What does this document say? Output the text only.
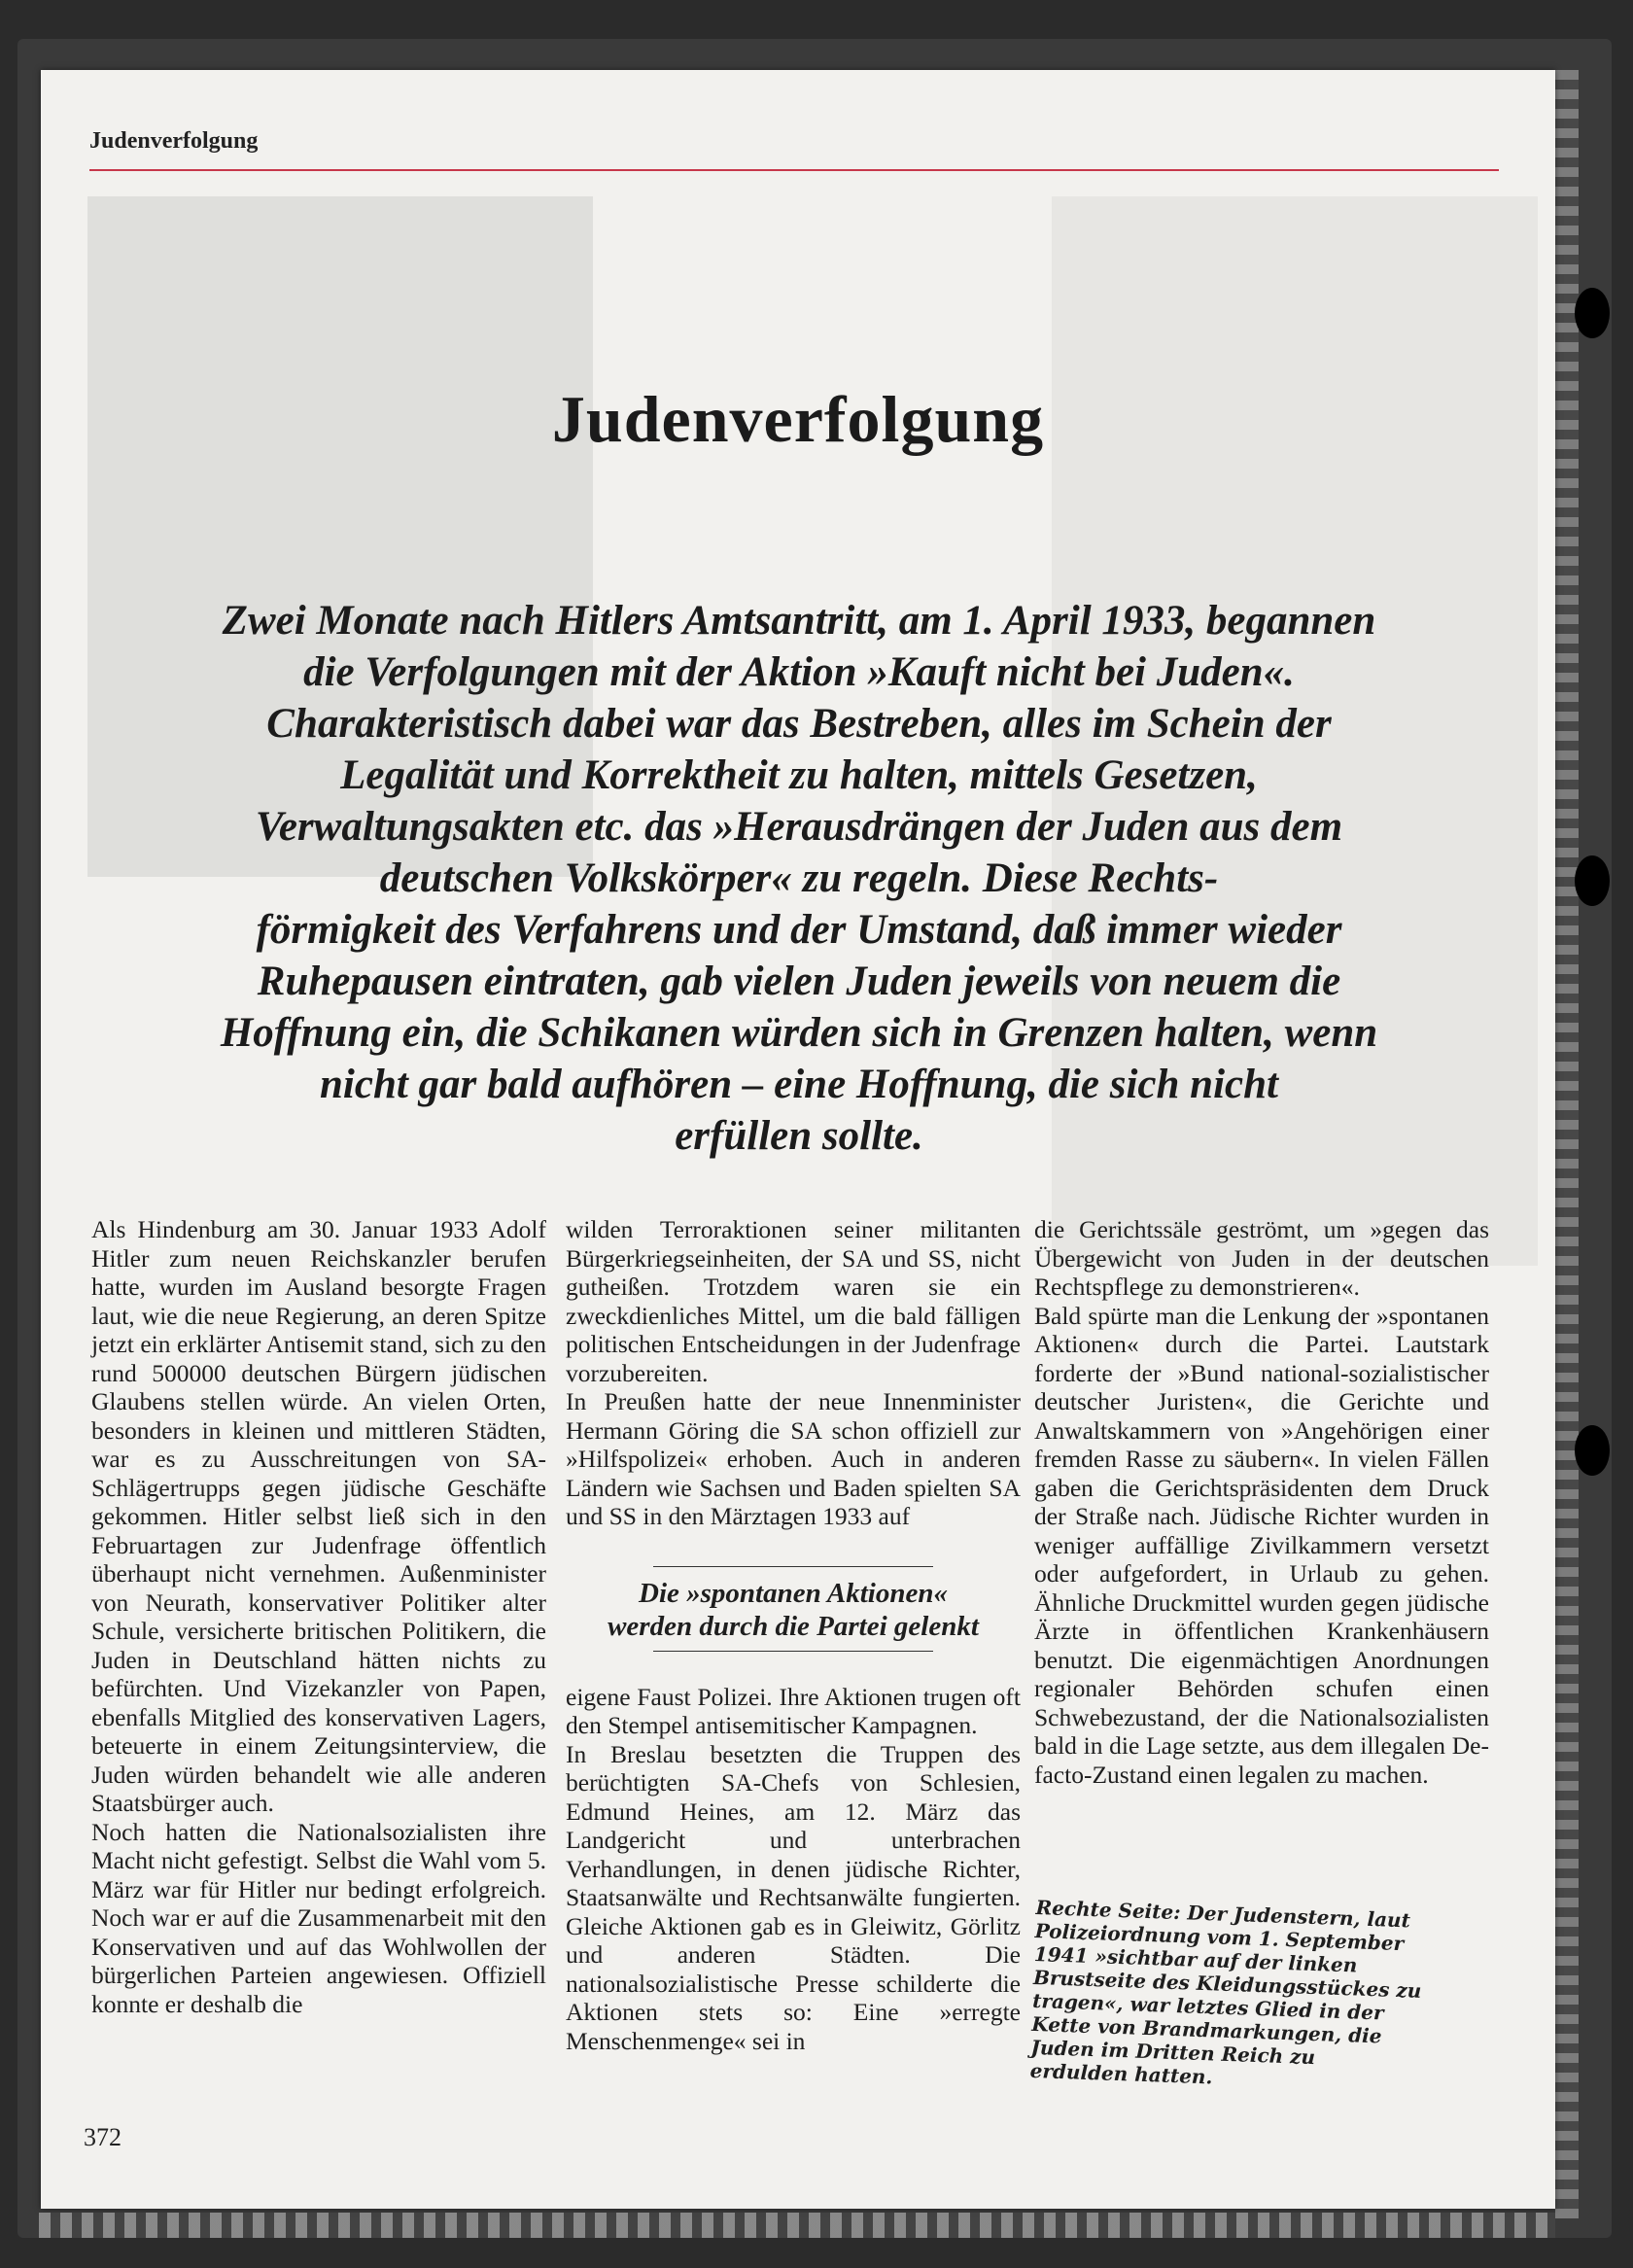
Judenverfolgung
Judenverfolgung
Zwei Monate nach Hitlers Amtsantritt, am 1. April 1933, begannen
die Verfolgungen mit der Aktion »Kauft nicht bei Juden«.
Charakteristisch dabei war das Bestreben, alles im Schein der
Legalität und Korrektheit zu halten, mittels Gesetzen,
Verwaltungsakten etc. das »Herausdrängen der Juden aus dem
deutschen Volkskörper« zu regeln. Diese Rechts-
förmigkeit des Verfahrens und der Umstand, daß immer wieder
Ruhepausen eintraten, gab vielen Juden jeweils von neuem die
Hoffnung ein, die Schikanen würden sich in Grenzen halten, wenn
nicht gar bald aufhören – eine Hoffnung, die sich nicht
erfüllen sollte.

Als Hindenburg am 30. Januar 1933 Adolf Hitler zum neuen Reichskanzler berufen hatte, wurden im Ausland besorgte Fragen laut, wie die neue Regierung, an deren Spitze jetzt ein erklärter Antisemit stand, sich zu den rund 500000 deutschen Bürgern jüdischen Glaubens stellen würde. An vielen Orten, besonders in kleinen und mittleren Städten, war es zu Ausschreitungen von SA-Schlägertrupps gegen jüdische Geschäfte gekommen. Hitler selbst ließ sich in den Februartagen zur Judenfrage öffentlich überhaupt nicht vernehmen. Außenminister von Neurath, konservativer Politiker alter Schule, versicherte britischen Politikern, die Juden in Deutschland hätten nichts zu befürchten. Und Vizekanzler von Papen, ebenfalls Mitglied des konservativen Lagers, beteuerte in einem Zeitungsinterview, die Juden würden behandelt wie alle anderen Staatsbürger auch.

Noch hatten die Nationalsozialisten ihre Macht nicht gefestigt. Selbst die Wahl vom 5. März war für Hitler nur bedingt erfolgreich. Noch war er auf die Zusammenarbeit mit den Konservativen und auf das Wohlwollen der bürgerlichen Parteien angewiesen. Offiziell konnte er deshalb die

wilden Terroraktionen seiner militanten Bürgerkriegseinheiten, der SA und SS, nicht gutheißen. Trotzdem waren sie ein zweckdienliches Mittel, um die bald fälligen politischen Entscheidungen in der Judenfrage vorzubereiten.

In Preußen hatte der neue Innenminister Hermann Göring die SA schon offiziell zur »Hilfspolizei« erhoben. Auch in anderen Ländern wie Sachsen und Baden spielten SA und SS in den Märztagen 1933 auf

Die »spontanen Aktionen«
werden durch die Partei gelenkt

eigene Faust Polizei. Ihre Aktionen trugen oft den Stempel antisemitischer Kampagnen.

In Breslau besetzten die Truppen des berüchtigten SA-Chefs von Schlesien, Edmund Heines, am 12. März das Landgericht und unterbrachen Verhandlungen, in denen jüdische Richter, Staatsanwälte und Rechtsanwälte fungierten. Gleiche Aktionen gab es in Gleiwitz, Görlitz und anderen Städten. Die nationalsozialistische Presse schilderte die Aktionen stets so: Eine »erregte Menschenmenge« sei in

die Gerichtssäle geströmt, um »gegen das Übergewicht von Juden in der deutschen Rechtspflege zu demonstrieren«.

Bald spürte man die Lenkung der »spontanen Aktionen« durch die Partei. Lautstark forderte der »Bund national-sozialistischer deutscher Juristen«, die Gerichte und Anwaltskammern von »Angehörigen einer fremden Rasse zu säubern«. In vielen Fällen gaben die Gerichtspräsidenten dem Druck der Straße nach. Jüdische Richter wurden in weniger auffällige Zivilkammern versetzt oder aufgefordert, in Urlaub zu gehen. Ähnliche Druckmittel wurden gegen jüdische Ärzte in öffentlichen Krankenhäusern benutzt. Die eigenmächtigen Anordnungen regionaler Behörden schufen einen Schwebezustand, der die Nationalsozialisten bald in die Lage setzte, aus dem illegalen De-facto-Zustand einen legalen zu machen.

Rechte Seite: Der Judenstern, laut Polizeiordnung vom 1. September 1941 »sichtbar auf der linken Brustseite des Kleidungsstückes zu tragen«, war letztes Glied in der Kette von Brandmarkungen, die Juden im Dritten Reich zu erdulden hatten.
372
